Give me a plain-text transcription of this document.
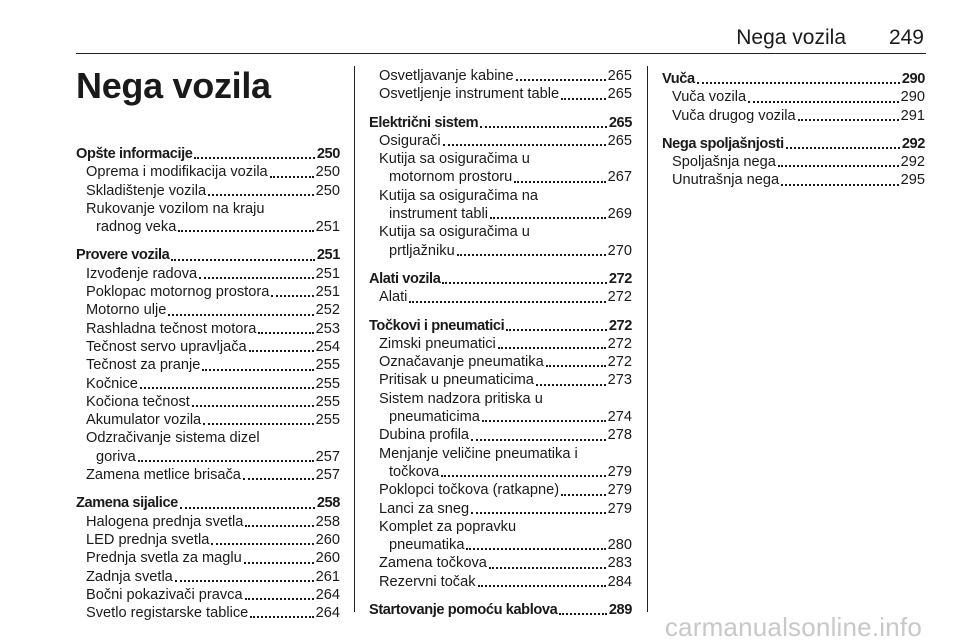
Nega vozila 249
Nega vozila
Opšte informacije	250
Oprema i modifikacija vozila	250
Skladištenje vozila	250
Rukovanje vozilom na kraju
radnog veka	251
Provere vozila	251
Izvođenje radova	251
Poklopac motornog prostora	251
Motorno ulje	252
Rashladna tečnost motora	253
Tečnost servo upravljača	254
Tečnost za pranje	255
Kočnice	255
Kočiona tečnost	255
Akumulator vozila	255
Odzračivanje sistema dizel
goriva	257
Zamena metlice brisača	257
Zamena sijalice	258
Halogena prednja svetla	258
LED prednja svetla	260
Prednja svetla za maglu	260
Zadnja svetla	261
Bočni pokazivači pravca	264
Svetlo registarske tablice	264
Osvetljavanje kabine	265
Osvetljenje instrument table	265
Električni sistem	265
Osigurači	265
Kutija sa osiguračima u
motornom prostoru	267
Kutija sa osiguračima na
instrument tabli	269
Kutija sa osiguračima u
prtljažniku	270
Alati vozila	272
Alati	272
Točkovi i pneumatici	272
Zimski pneumatici	272
Označavanje pneumatika	272
Pritisak u pneumaticima	273
Sistem nadzora pritiska u
pneumaticima	274
Dubina profila	278
Menjanje veličine pneumatika i
točkova	279
Poklopci točkova (ratkapne)	279
Lanci za sneg	279
Komplet za popravku
pneumatika	280
Zamena točkova	283
Rezervni točak	284
Startovanje pomoću kablova	289
Vuča	290
Vuča vozila	290
Vuča drugog vozila	291
Nega spoljašnjosti	292
Spoljašnja nega	292
Unutrašnja nega	295
carmanualsonline.info
